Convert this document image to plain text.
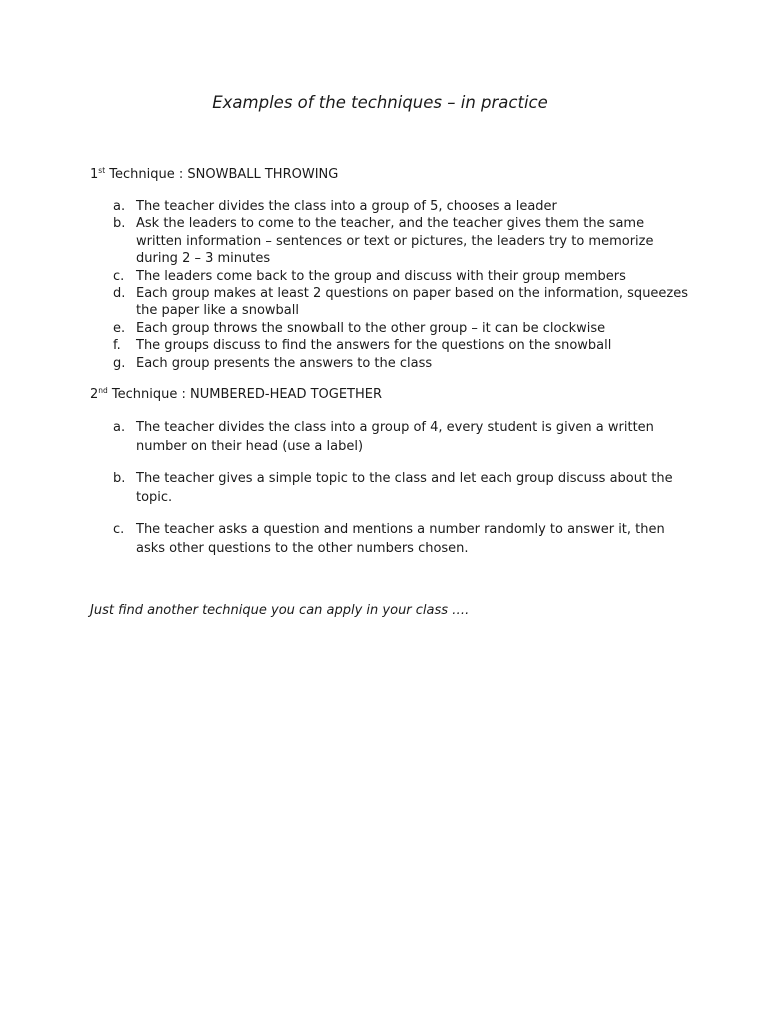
Examples of the techniques – in practice

1st Technique : SNOWBALL THROWING

a. The teacher divides the class into a group of 5, chooses a leader
b. Ask the leaders to come to the teacher, and the teacher gives them the same written information – sentences or text or pictures, the leaders try to memorize during 2 – 3 minutes
c. The leaders come back to the group and discuss with their group members
d. Each group makes at least 2 questions on paper based on the information, squeezes the paper like a snowball
e. Each group throws the snowball to the other group – it can be clockwise
f. The groups discuss to find the answers for the questions on the snowball
g. Each group presents the answers to the class

2nd Technique : NUMBERED-HEAD TOGETHER

a. The teacher divides the class into a group of 4, every student is given a written number on their head (use a label)
b. The teacher gives a simple topic to the class and let each group discuss about the topic.
c. The teacher asks a question and mentions a number randomly to answer it, then asks other questions to the other numbers chosen.

Just find another technique you can apply in your class ….
